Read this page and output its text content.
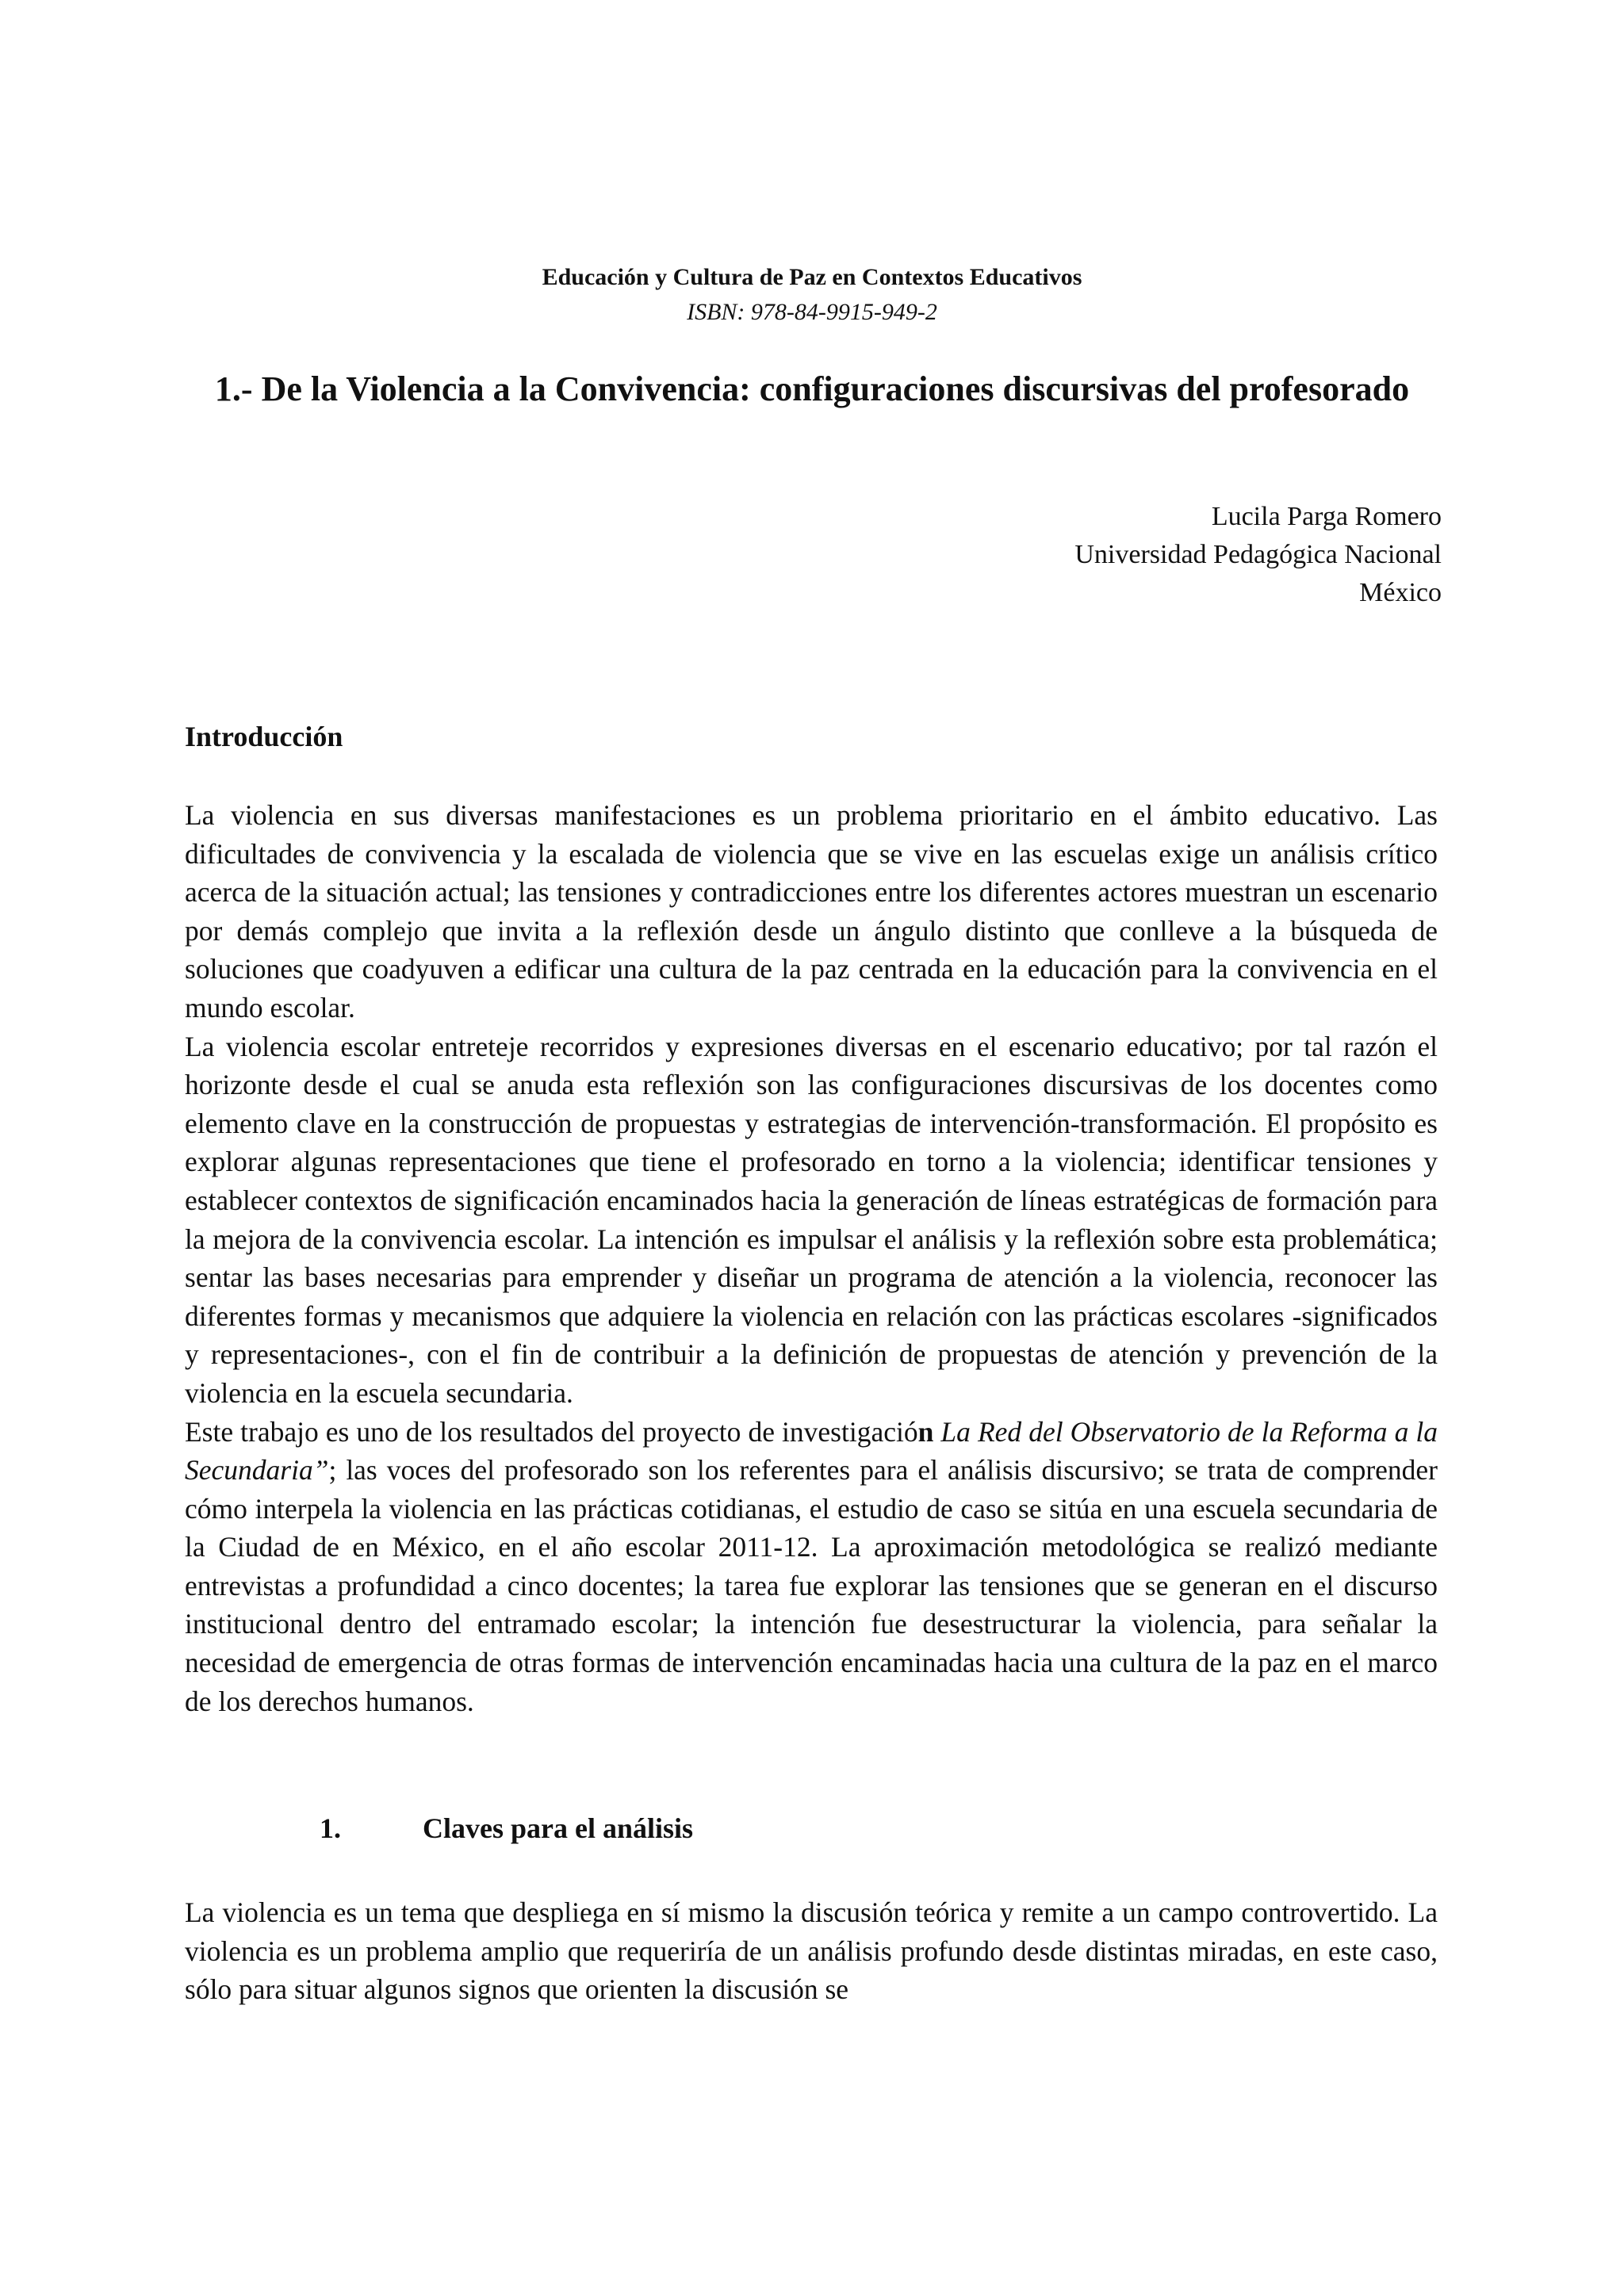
Educación y Cultura de Paz en Contextos Educativos
ISBN: 978-84-9915-949-2
1.- De la Violencia a la Convivencia: configuraciones discursivas del profesorado
Lucila Parga Romero
Universidad Pedagógica Nacional
México
Introducción

La violencia en sus diversas manifestaciones es un problema prioritario en el ámbito educativo. Las dificultades de convivencia y la escalada de violencia que se vive en las escuelas exige un análisis crítico acerca de la situación actual; las tensiones y contradicciones entre los diferentes actores muestran un escenario por demás complejo que invita a la reflexión desde un ángulo distinto que conlleve a la búsqueda de soluciones que coadyuven a edificar una cultura de la paz centrada en la educación para la convivencia en el mundo escolar.

La violencia escolar entreteje recorridos y expresiones diversas en el escenario educativo; por tal razón el horizonte desde el cual se anuda esta reflexión son las configuraciones discursivas de los docentes como elemento clave en la construcción de propuestas y estrategias de intervención-transformación. El propósito es explorar algunas representaciones que tiene el profesorado en torno a la violencia; identificar tensiones y establecer contextos de significación encaminados hacia la generación de líneas estratégicas de formación para la mejora de la convivencia escolar. La intención es impulsar el análisis y la reflexión sobre esta problemática; sentar las bases necesarias para emprender y diseñar un programa de atención a la violencia, reconocer las diferentes formas y mecanismos que adquiere la violencia en relación con las prácticas escolares -significados y representaciones-, con el fin de contribuir a la definición de propuestas de atención y prevención de la violencia en la escuela secundaria.

Este trabajo es uno de los resultados del proyecto de investigación La Red del Observatorio de la Reforma a la Secundaria”; las voces del profesorado son los referentes para el análisis discursivo; se trata de comprender cómo interpela la violencia en las prácticas cotidianas, el estudio de caso se sitúa en una escuela secundaria de la Ciudad de en México, en el año escolar 2011-12. La aproximación metodológica se realizó mediante entrevistas a profundidad a cinco docentes; la tarea fue explorar las tensiones que se generan en el discurso institucional dentro del entramado escolar; la intención fue desestructurar la violencia, para señalar la necesidad de emergencia de otras formas de intervención encaminadas hacia una cultura de la paz en el marco de los derechos humanos.

1.	Claves para el análisis

La violencia es un tema que despliega en sí mismo la discusión teórica y remite a un campo controvertido. La violencia es un problema amplio que requeriría de un análisis profundo desde distintas miradas, en este caso, sólo para situar algunos signos que orienten la discusión se
